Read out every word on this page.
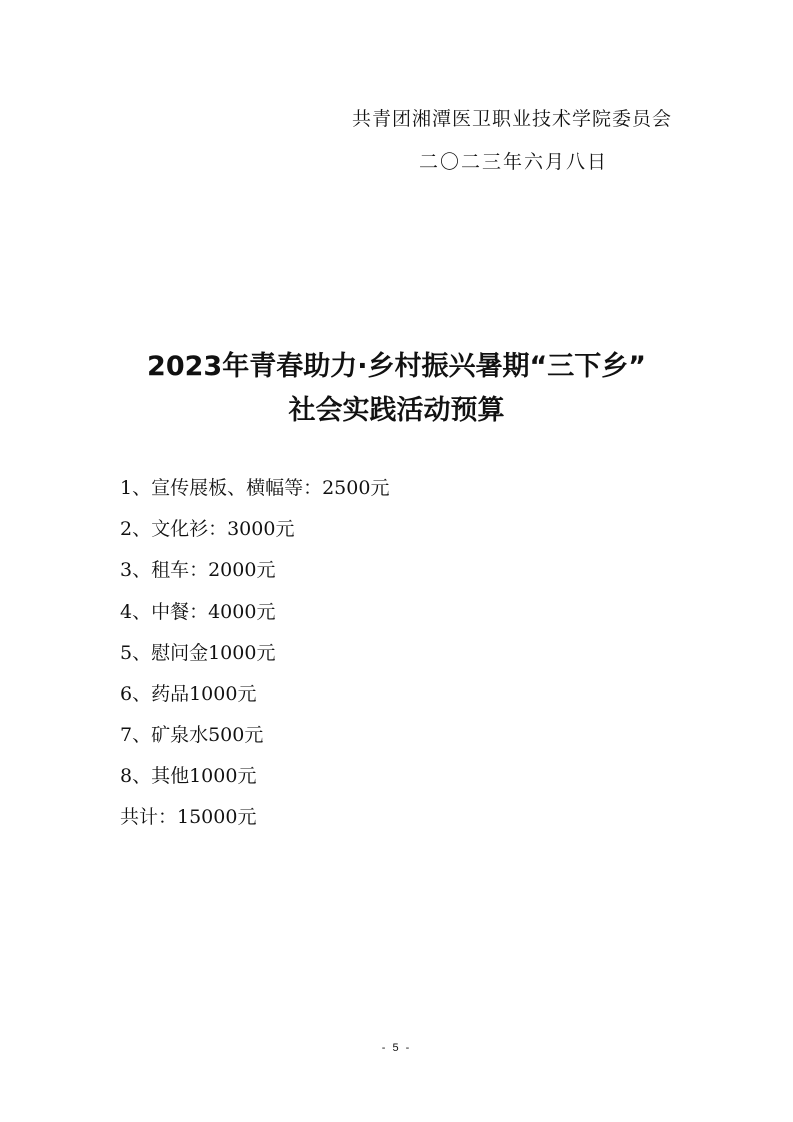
共青团湘潭医卫职业技术学院委员会
二〇二三年六月八日
2023年青春助力·乡村振兴暑期“三下乡”
社会实践活动预算
1、宣传展板、横幅等：2500元
2、文化衫：3000元
3、租车：2000元
4、中餐：4000元
5、慰问金1000元
6、药品1000元
7、矿泉水500元
8、其他1000元
共计：15000元
- 5 -
